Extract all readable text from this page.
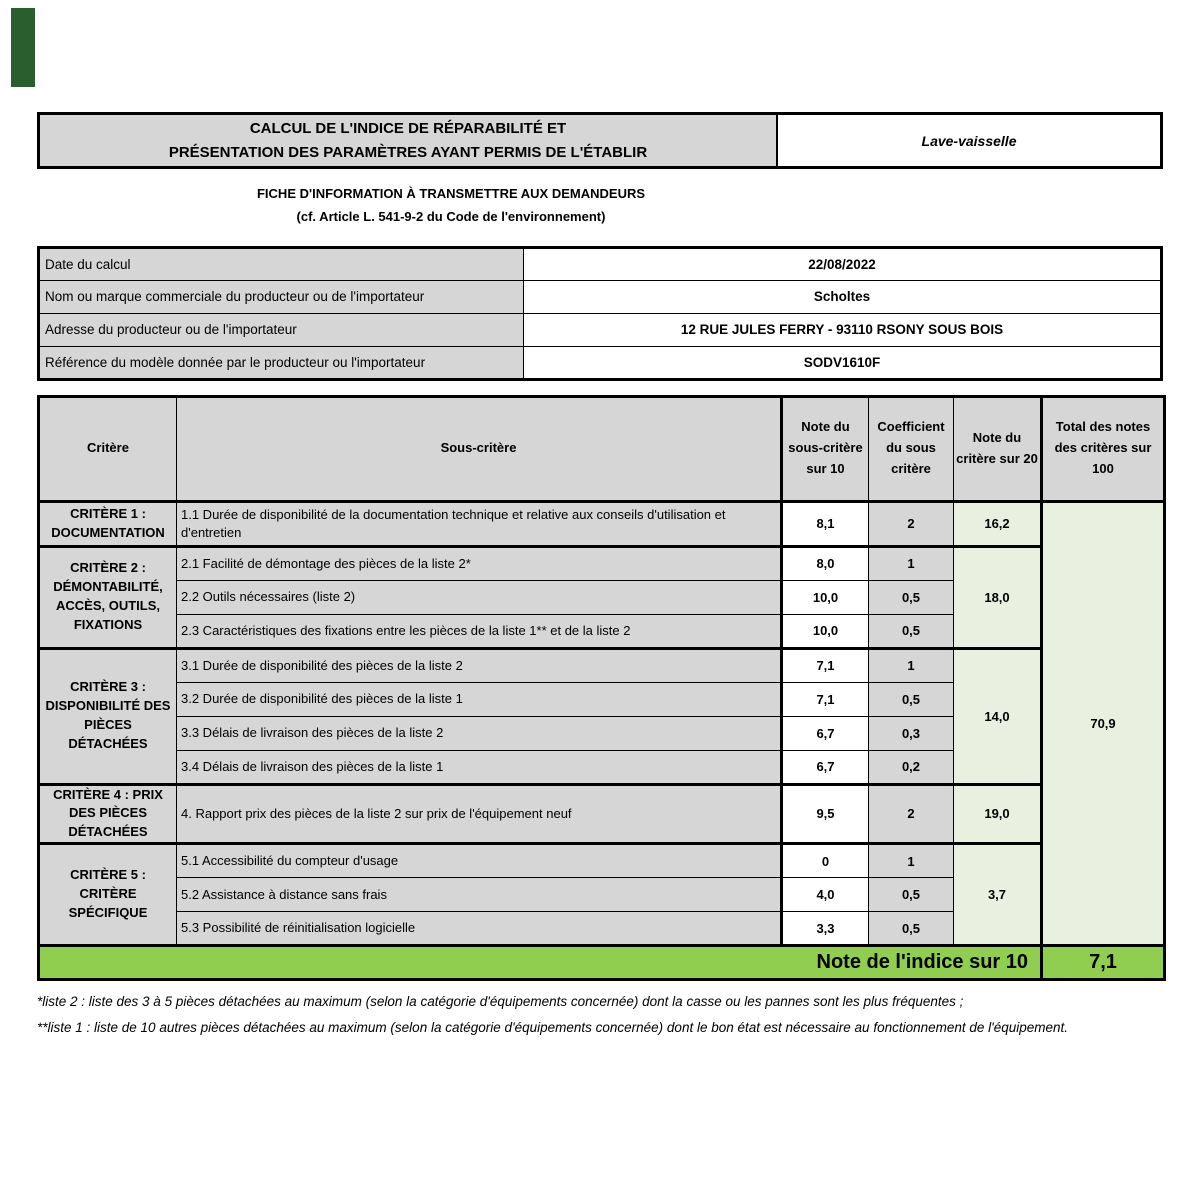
CALCUL DE L'INDICE DE RÉPARABILITÉ ET
PRÉSENTATION DES PARAMÈTRES AYANT PERMIS DE L'ÉTABLIR
Lave-vaisselle
FICHE D'INFORMATION À TRANSMETTRE AUX DEMANDEURS
(cf. Article L. 541-9-2 du Code de l'environnement)
Date du calcul	22/08/2022
Nom ou marque commerciale du producteur ou de l'importateur	Scholtes
Adresse du producteur ou de l'importateur	12 RUE JULES FERRY - 93110 RSONY SOUS BOIS
Référence du modèle donnée par le producteur ou l'importateur	SODV1610F
Critère	Sous-critère	Note du sous-critère sur 10	Coefficient du sous critère	Note du critère sur 20	Total des notes des critères sur 100
CRITÈRE 1 : DOCUMENTATION	1.1 Durée de disponibilité de la documentation technique et relative aux conseils d'utilisation et d'entretien	8,1	2	16,2	70,9
CRITÈRE 2 : DÉMONTABILITÉ, ACCÈS, OUTILS, FIXATIONS	2.1 Facilité de démontage des pièces de la liste 2*	8,0	1	18,0	
	2.2 Outils nécessaires (liste 2)	10,0	0,5		
	2.3 Caractéristiques des fixations entre les pièces de la liste 1** et de la liste 2	10,0	0,5		
CRITÈRE 3 : DISPONIBILITÉ DES PIÈCES DÉTACHÉES	3.1 Durée de disponibilité des pièces de la liste 2	7,1	1	14,0	
	3.2 Durée de disponibilité des pièces de la liste 1	7,1	0,5		
	3.3 Délais de livraison des pièces de la liste 2	6,7	0,3		
	3.4 Délais de livraison des pièces de la liste 1	6,7	0,2		
CRITÈRE 4 : PRIX DES PIÈCES DÉTACHÉES	4. Rapport prix des pièces de la liste 2 sur prix de l'équipement neuf	9,5	2	19,0	
CRITÈRE 5 : CRITÈRE SPÉCIFIQUE	5.1 Accessibilité du compteur d'usage	0	1	3,7	
	5.2 Assistance à distance sans frais	4,0	0,5		
	5.3 Possibilité de réinitialisation logicielle	3,3	0,5		
Note de l'indice sur 10					7,1
*liste 2 : liste des 3 à 5 pièces détachées au maximum (selon la catégorie d'équipements concernée) dont la casse ou les pannes sont les plus fréquentes ;
**liste 1 : liste de 10 autres pièces détachées au maximum (selon la catégorie d'équipements concernée) dont le bon état est nécessaire au fonctionnement de l'équipement.
